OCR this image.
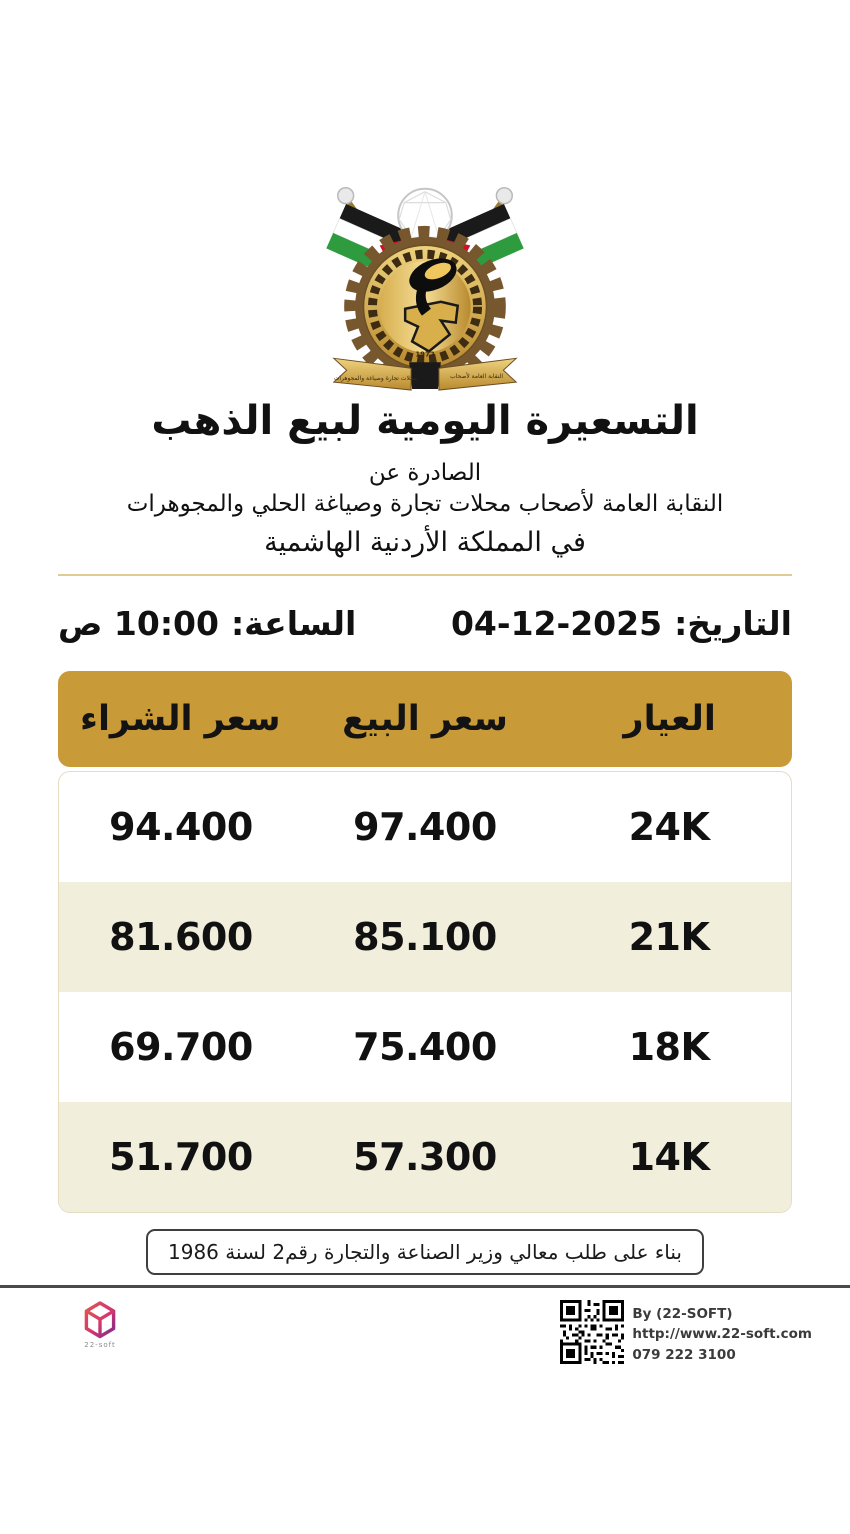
1972
محلات تجارة وصياغة والمجوهرات	النقابة العامة لأصحاب
التسعيرة اليومية لبيع الذهب
الصادرة عن
النقابة العامة لأصحاب محلات تجارة وصياغة الحلي والمجوهرات
في المملكة الأردنية الهاشمية
التاريخ:
04-12-2025
الساعة:
10:00 ص
العيار
سعر البيع
سعر الشراء
24K
97.400
94.400
21K
85.100
81.600
18K
75.400
69.700
14K
57.300
51.700
بناء على طلب معالي وزير الصناعة والتجارة رقم2 لسنة 1986
22-soft
By (22-SOFT)
http://www.22-soft.com
079 222 3100
